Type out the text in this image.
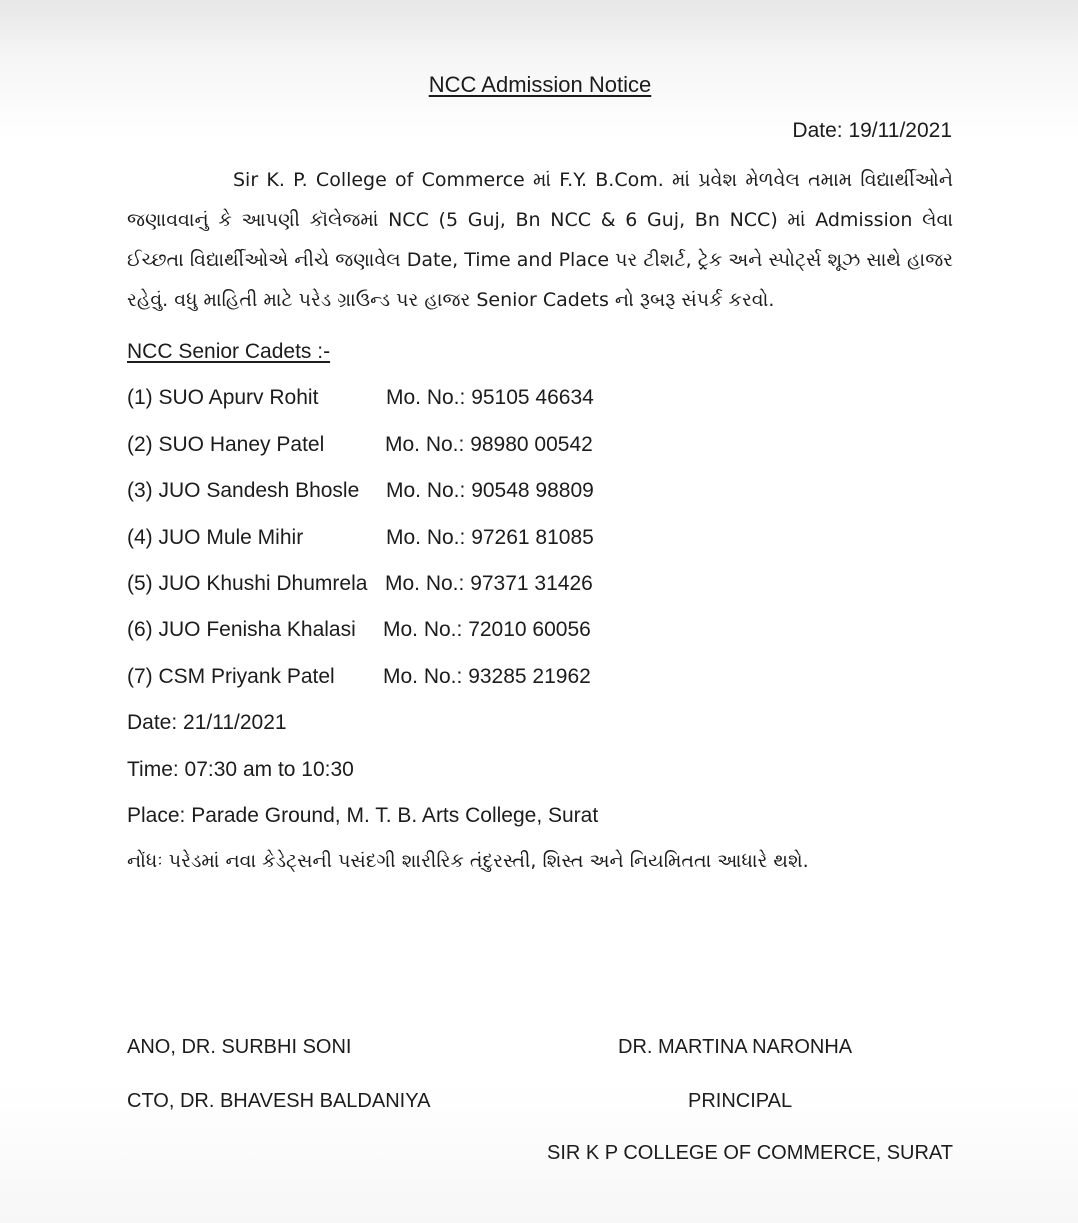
NCC Admission Notice
Date: 19/11/2021
Sir K. P. College of Commerce માં F.Y. B.Com. માં પ્રવેશ મેળવેલ તમામ વિદ્યાર્થીઓને જણાવવાનું કે આપણી કૉલેજમાં NCC (5 Guj, Bn NCC & 6 Guj, Bn NCC) માં Admission લેવા ઈચ્છતા વિદ્યાર્થીઓએ નીચે જણાવેલ Date, Time and Place પર ટીશર્ટ, ટ્રેક અને સ્પોર્ટ્સ શૂઝ સાથે હાજર રહેવું. વધુ માહિતી માટે પરેડ ગ્રાઉન્ડ પર હાજર Senior Cadets નો રૂબરૂ સંપર્ક કરવો.
NCC Senior Cadets :-
(1) SUO Apurv Rohit	Mo. No.: 95105 46634
(2) SUO Haney Patel	Mo. No.: 98980 00542
(3) JUO Sandesh Bhosle Mo. No.: 90548 98809
(4) JUO Mule Mihir	Mo. No.: 97261 81085
(5) JUO Khushi Dhumrela Mo. No.: 97371 31426
(6) JUO Fenisha Khalasi Mo. No.: 72010 60056
(7) CSM Priyank Patel Mo. No.: 93285 21962
Date: 21/11/2021
Time: 07:30 am to 10:30
Place: Parade Ground, M. T. B. Arts College, Surat
નોંધઃ પરેડમાં નવા કેડેટ્સની પસંદગી શારીરિક તંદુરસ્તી, શિસ્ત અને નિયમિતતા આધારે થશે.
ANO, DR. SURBHI SONI
CTO, DR. BHAVESH BALDANIYA
DR. MARTINA NARONHA
PRINCIPAL
SIR K P COLLEGE OF COMMERCE, SURAT
